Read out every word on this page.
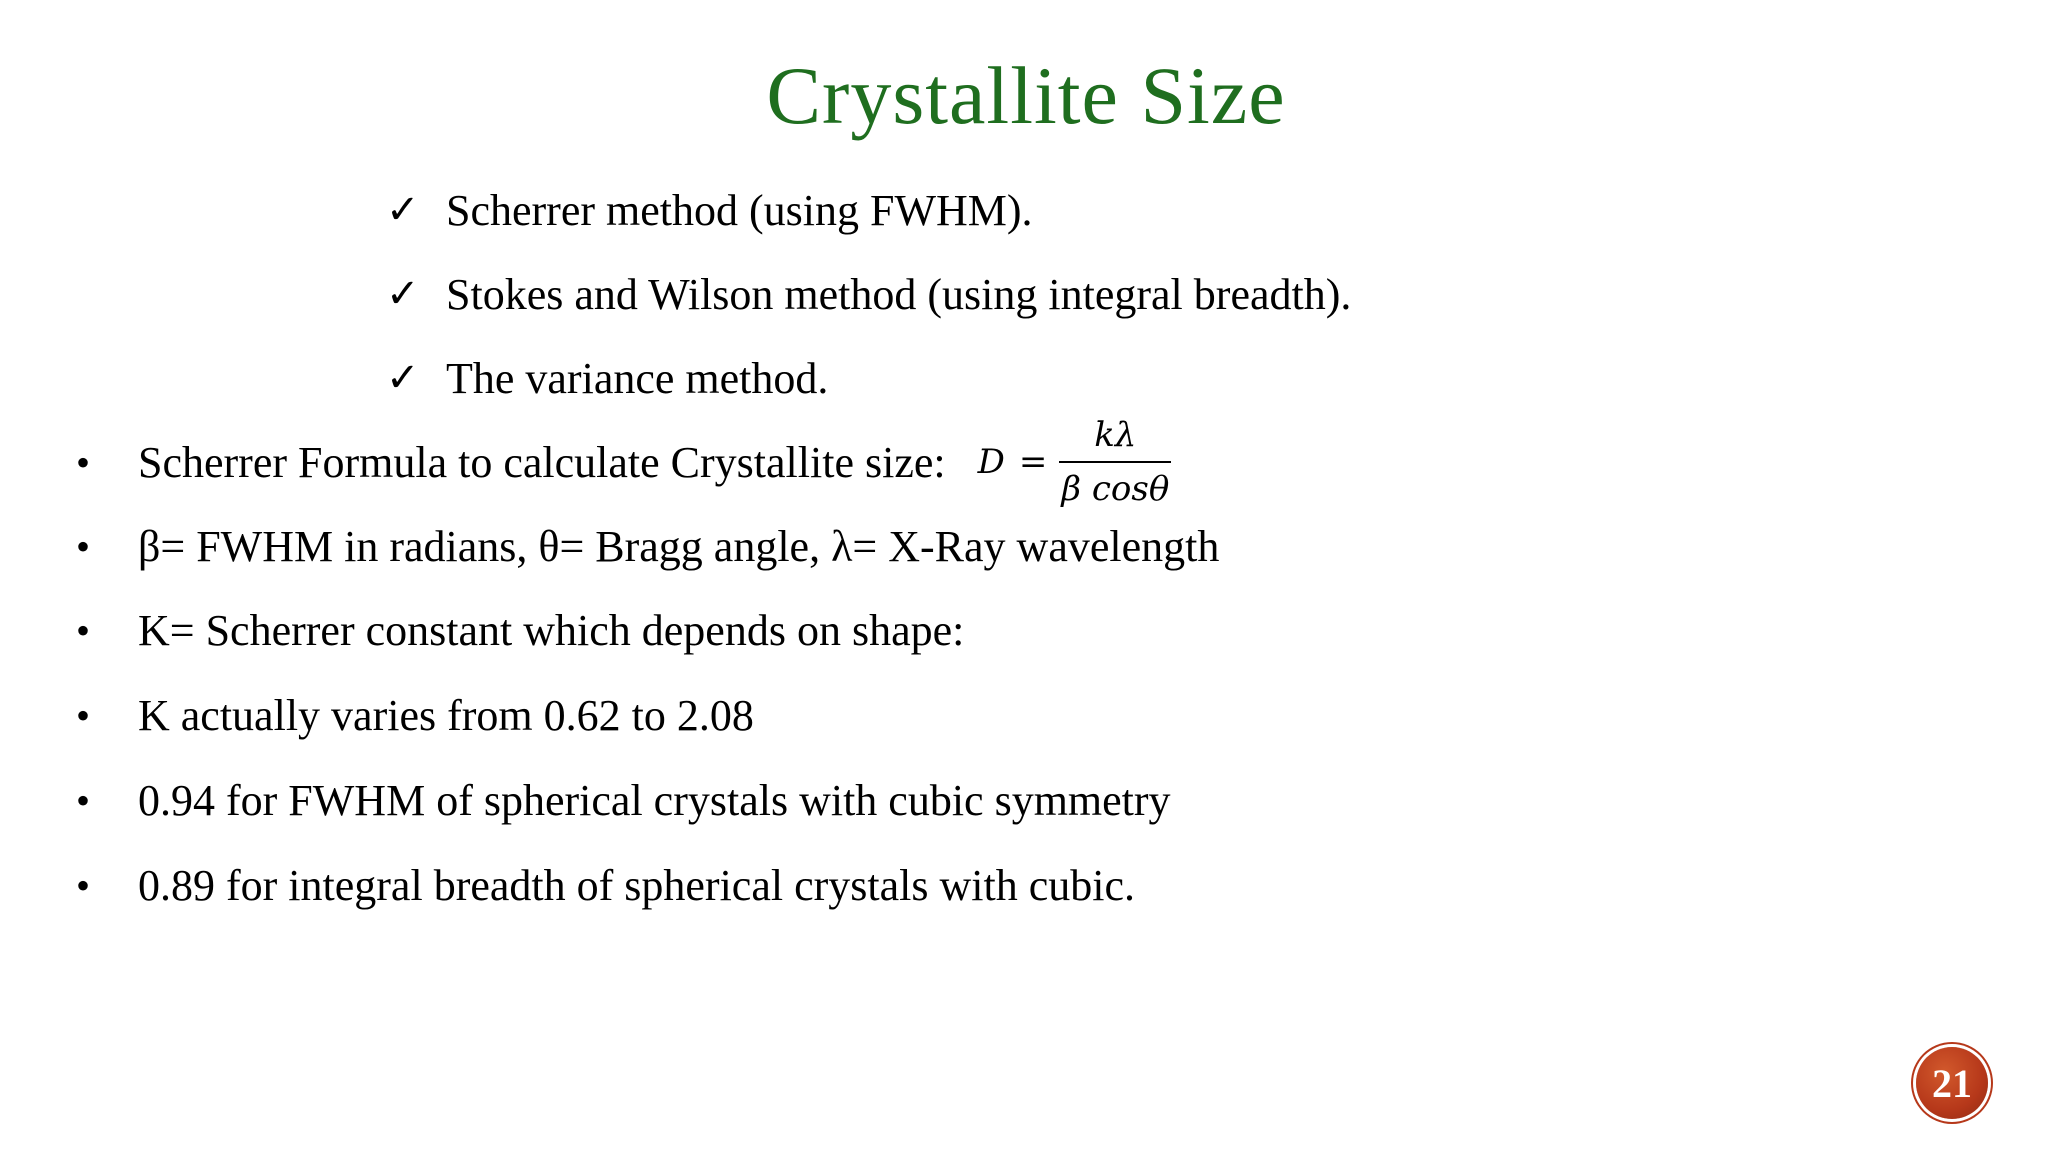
Crystallite Size
✓ Scherrer method (using FWHM).
✓ Stokes and Wilson method (using integral breadth).
✓ The variance method.
•	Scherrer Formula to calculate Crystallite size: $D = \frac{k\lambda}{\text{β cosθ}}$
•	β= FWHM in radians, θ= Bragg angle, λ= X-Ray wavelength
•	K= Scherrer constant which depends on shape:
•	K actually varies from 0.62 to 2.08
•	0.94 for FWHM of spherical crystals with cubic symmetry
•	0.89 for integral breadth of spherical crystals with cubic.
21
